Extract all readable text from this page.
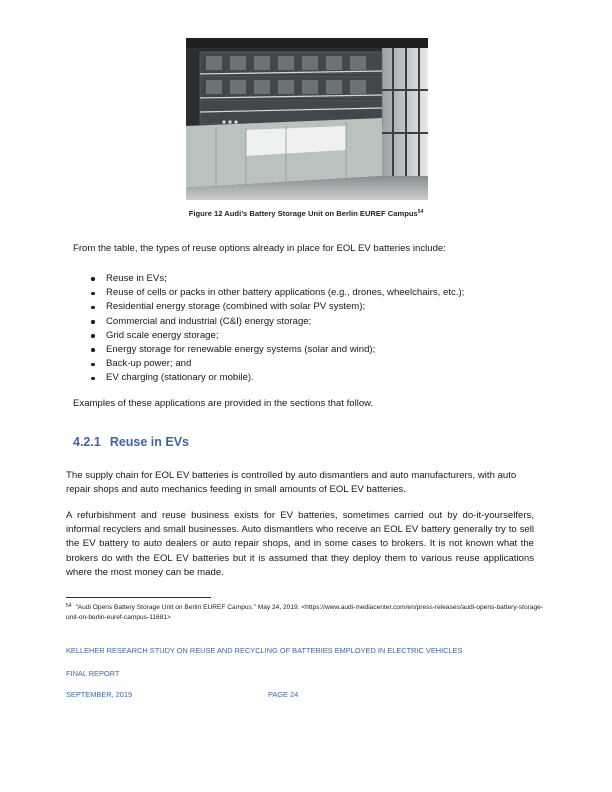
Figure 12 Audi’s Battery Storage Unit on Berlin EUREF Campus$^{54}$
From the table, the types of reuse options already in place for EOL EV batteries include:
Reuse in EVs;
Reuse of cells or packs in other battery applications (e.g., drones, wheelchairs, etc.);
Residential energy storage (combined with solar PV system);
Commercial and industrial (C&I) energy storage;
Grid scale energy storage;
Energy storage for renewable energy systems (solar and wind);
Back-up power; and
EV charging (stationary or mobile).
Examples of these applications are provided in the sections that follow.
4.2.1 Reuse in EVs

The supply chain for EOL EV batteries is controlled by auto dismantlers and auto manufacturers, with auto repair shops and auto mechanics feeding in small amounts of EOL EV batteries.

A refurbishment and reuse business exists for EV batteries, sometimes carried out by do-it-yourselfers, informal recyclers and small businesses. Auto dismantlers who receive an EOL EV battery generally try to sell the EV battery to auto dealers or auto repair shops, and in some cases to brokers. It is not known what the brokers do with the EOL EV batteries but it is assumed that they deploy them to various reuse applications where the most money can be made.

$^{54}$ “Audi Opens Battery Storage Unit on Berlin EUREF Campus.” May 24, 2019. <https://www.audi-mediacenter.com/en/press-releases/audi-opens-battery-storage-unit-on-berlin-euref-campus-11681>
KELLEHER RESEARCH STUDY ON REUSE AND RECYCLING OF BATTERIES EMPLOYED IN ELECTRIC VEHICLES
FINAL REPORT
SEPTEMBER, 2019	PAGE 24
